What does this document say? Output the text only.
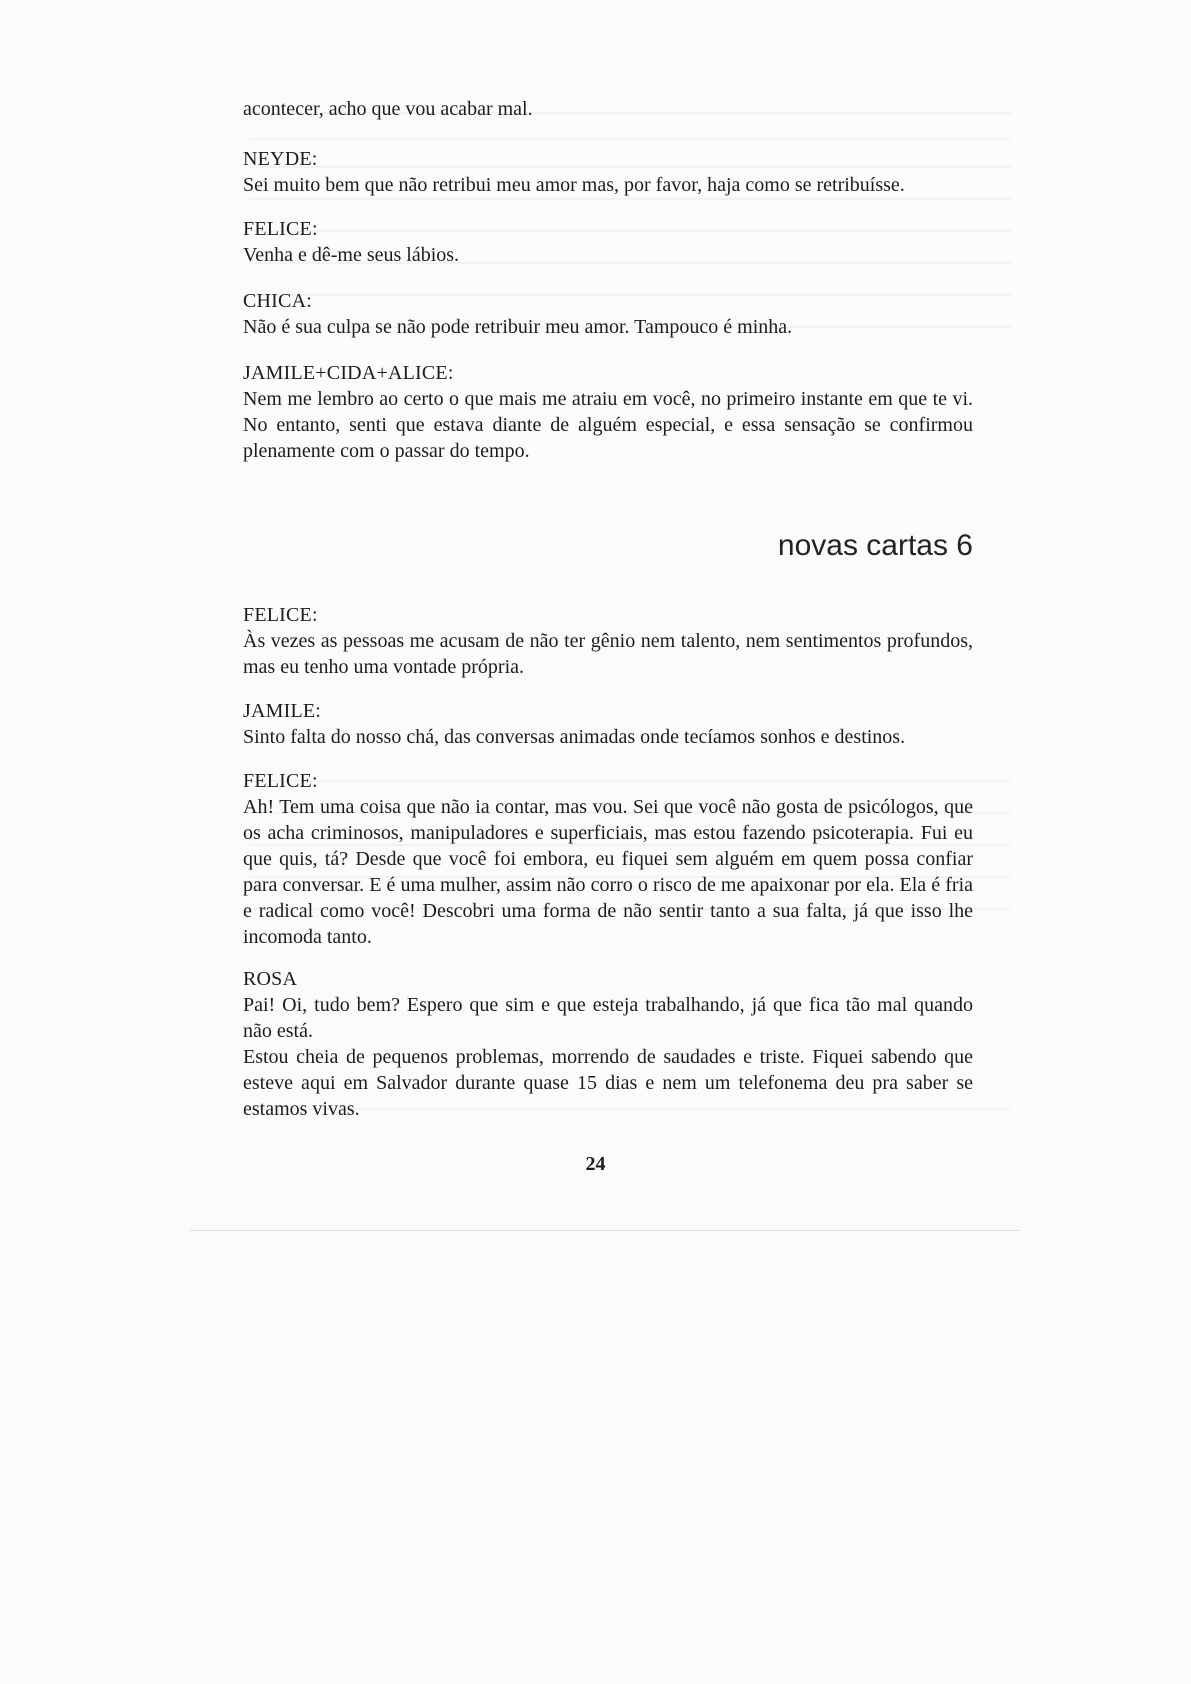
acontecer, acho que vou acabar mal.
NEYDE:
Sei muito bem que não retribui meu amor mas, por favor, haja como se retribuísse.
FELICE:
Venha e dê-me seus lábios.
CHICA:
Não é sua culpa se não pode retribuir meu amor. Tampouco é minha.
JAMILE+CIDA+ALICE:
Nem me lembro ao certo o que mais me atraiu em você, no primeiro instante em que te vi. No entanto, senti que estava diante de alguém especial, e essa sensação se confirmou plenamente com o passar do tempo.
novas cartas 6
FELICE:
Às vezes as pessoas me acusam de não ter gênio nem talento, nem sentimentos profundos, mas eu tenho uma vontade própria.
JAMILE:
Sinto falta do nosso chá, das conversas animadas onde tecíamos sonhos e destinos.
FELICE:
Ah! Tem uma coisa que não ia contar, mas vou. Sei que você não gosta de psicólogos, que os acha criminosos, manipuladores e superficiais, mas estou fazendo psicoterapia. Fui eu que quis, tá? Desde que você foi embora, eu fiquei sem alguém em quem possa confiar para conversar. E é uma mulher, assim não corro o risco de me apaixonar por ela. Ela é fria e radical como você! Descobri uma forma de não sentir tanto a sua falta, já que isso lhe incomoda tanto.
ROSA
Pai! Oi, tudo bem? Espero que sim e que esteja trabalhando, já que fica tão mal quando não está.
Estou cheia de pequenos problemas, morrendo de saudades e triste. Fiquei sabendo que esteve aqui em Salvador durante quase 15 dias e nem um telefonema deu pra saber se estamos vivas.
24
